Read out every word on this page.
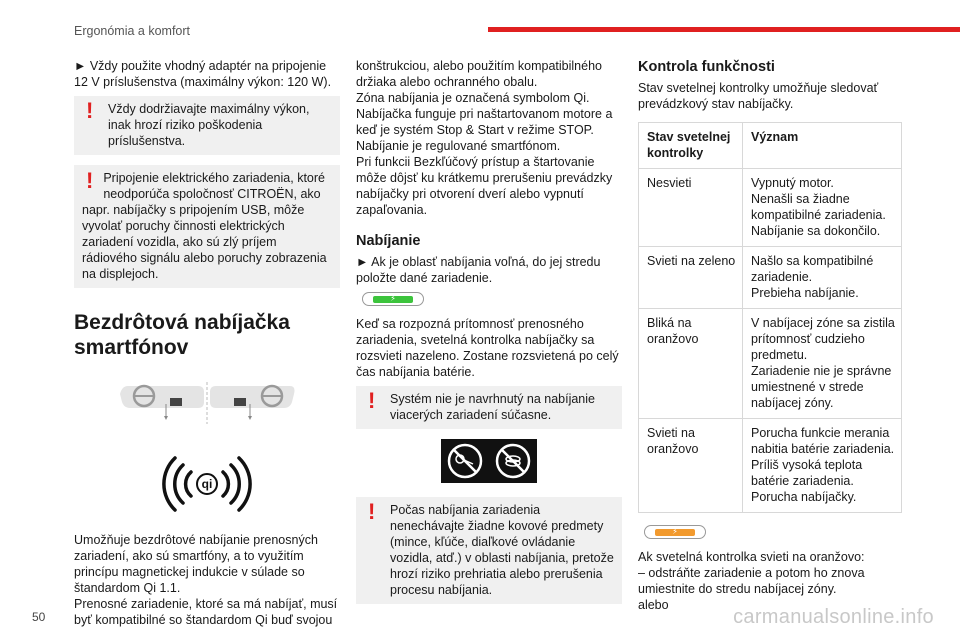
Ergonómia a komfort

► Vždy použite vhodný adaptér na pripojenie 12 V príslušenstva (maximálny výkon: 120 W).

! Vždy dodržiavajte maximálny výkon, inak hrozí riziko poškodenia príslušenstva.
! Pripojenie elektrického zariadenia, ktoré neodporúča spoločnosť CITROËN, ako napr. nabíjačky s pripojením USB, môže vyvolať poruchy činnosti elektrických zariadení vozidla, ako sú zlý príjem rádiového signálu alebo poruchy zobrazenia na displejoch.
Bezdrôtová nabíjačka smartfónov
qi

Umožňuje bezdrôtové nabíjanie prenosných zariadení, ako sú smartfóny, a to využitím princípu magnetickej indukcie v súlade so štandardom Qi 1.1.

Prenosné zariadenie, ktoré sa má nabíjať, musí byť kompatibilné so štandardom Qi buď svojou

konštrukciou, alebo použitím kompatibilného držiaka alebo ochranného obalu.

Zóna nabíjania je označená symbolom Qi.

Nabíjačka funguje pri naštartovanom motore a keď je systém Stop & Start v režime STOP.

Nabíjanie je regulované smartfónom.

Pri funkcii Bezkľúčový prístup a štartovanie môže dôjsť ku krátkemu prerušeniu prevádzky nabíjačky pri otvorení dverí alebo vypnutí zapaľovania.

Nabíjanie

► Ak je oblasť nabíjania voľná, do jej stredu položte dané zariadenie.

⚡

Keď sa rozpozná prítomnosť prenosného zariadenia, svetelná kontrolka nabíjačky sa rozsvieti nazeleno. Zostane rozsvietená po celý čas nabíjania batérie.

! Systém nie je navrhnutý na nabíjanie viacerých zariadení súčasne.
! Počas nabíjania zariadenia nenechávajte žiadne kovové predmety (mince, kľúče, diaľkové ovládanie vozidla, atď.) v oblasti nabíjania, pretože hrozí riziko prehriatia alebo prerušenia procesu nabíjania.
Kontrola funkčnosti

Stav svetelnej kontrolky umožňuje sledovať prevádzkový stav nabíjačky.

Stav svetelnej kontrolky	Význam
Nesvieti	Vypnutý motor.
Nenašli sa žiadne kompatibilné zariadenia.
Nabíjanie sa dokončilo.

Svieti na zeleno	Našlo sa kompatibilné zariadenie.
Prebieha nabíjanie.

Bliká na oranžovo	V nabíjacej zóne sa zistila prítomnosť cudzieho predmetu.
Zariadenie nie je správne umiestnené v strede nabíjacej zóny.

Svieti na oranžovo	Porucha funkcie merania nabitia batérie zariadenia.
Príliš vysoká teplota batérie zariadenia.
Porucha nabíjačky.
⚡

Ak svetelná kontrolka svieti na oranžovo:

– odstráňte zariadenie a potom ho znova umiestnite do stredu nabíjacej zóny.

alebo

50	carmanualsonline.info
